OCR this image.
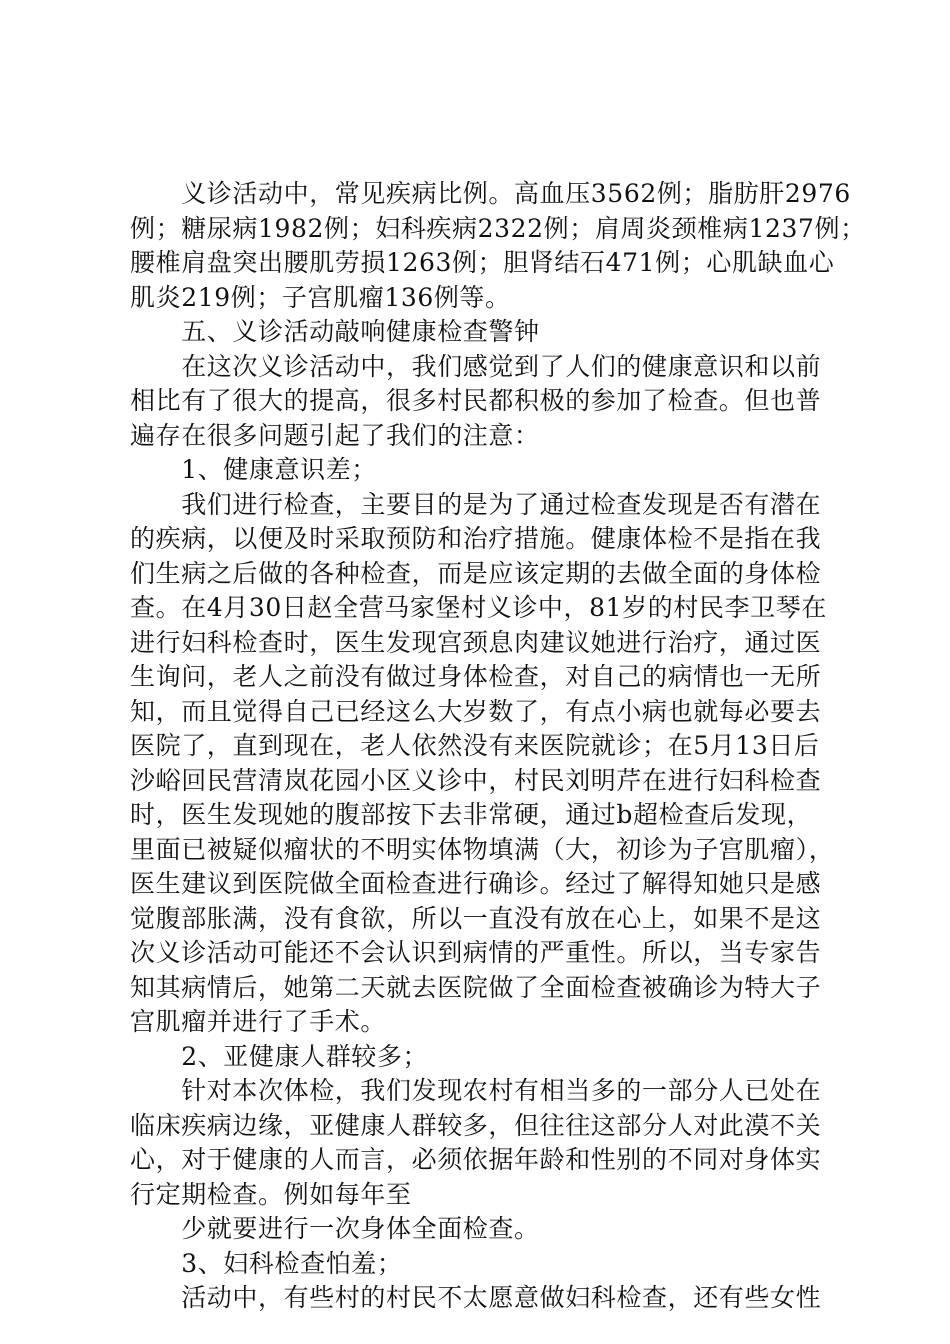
　　义诊活动中，常见疾病比例。高血压3562例；脂肪肝2976
例；糖尿病1982例；妇科疾病2322例；肩周炎颈椎病1237例；
腰椎肩盘突出腰肌劳损1263例；胆肾结石471例；心肌缺血心
肌炎219例；子宫肌瘤136例等。
　　五、义诊活动敲响健康检查警钟
　　在这次义诊活动中，我们感觉到了人们的健康意识和以前
相比有了很大的提高，很多村民都积极的参加了检查。但也普
遍存在很多问题引起了我们的注意：
　　1、健康意识差；
　　我们进行检查，主要目的是为了通过检查发现是否有潜在
的疾病，以便及时采取预防和治疗措施。健康体检不是指在我
们生病之后做的各种检查，而是应该定期的去做全面的身体检
查。在4月30日赵全营马家堡村义诊中，81岁的村民李卫琴在
进行妇科检查时，医生发现宫颈息肉建议她进行治疗，通过医
生询问，老人之前没有做过身体检查，对自己的病情也一无所
知，而且觉得自己已经这么大岁数了，有点小病也就每必要去
医院了，直到现在，老人依然没有来医院就诊；在5月13日后
沙峪回民营清岚花园小区义诊中，村民刘明芹在进行妇科检查
时，医生发现她的腹部按下去非常硬，通过b超检查后发现，
里面已被疑似瘤状的不明实体物填满（大，初诊为子宫肌瘤），
医生建议到医院做全面检查进行确诊。经过了解得知她只是感
觉腹部胀满，没有食欲，所以一直没有放在心上，如果不是这
次义诊活动可能还不会认识到病情的严重性。所以，当专家告
知其病情后，她第二天就去医院做了全面检查被确诊为特大子
宫肌瘤并进行了手术。
　　2、亚健康人群较多；
　　针对本次体检，我们发现农村有相当多的一部分人已处在
临床疾病边缘，亚健康人群较多，但往往这部分人对此漠不关
心，对于健康的人而言，必须依据年龄和性别的不同对身体实
行定期检查。例如每年至
　　少就要进行一次身体全面检查。
　　3、妇科检查怕羞；
　　活动中，有些村的村民不太愿意做妇科检查，还有些女性
